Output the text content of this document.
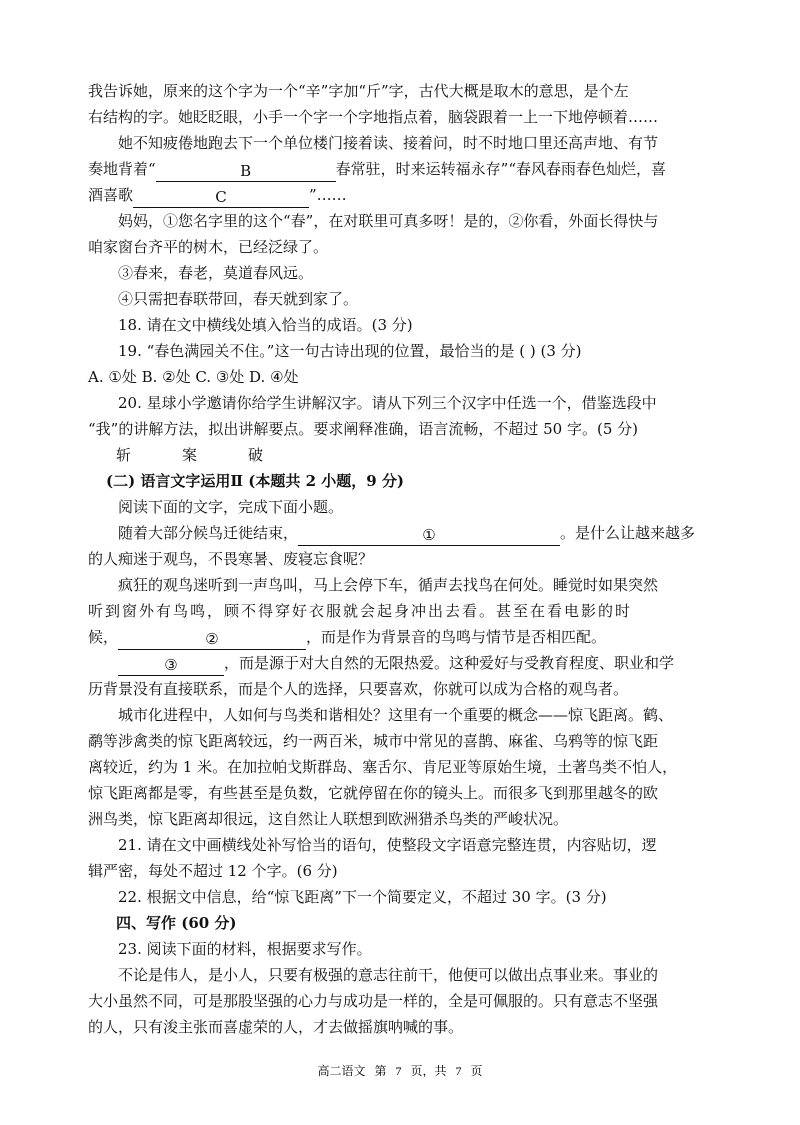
我告诉她，原来的这个字为一个“辛”字加“斤”字，古代大概是取木的意思，是个左
右结构的字。她眨眨眼，小手一个字一个字地指点着，脑袋跟着一上一下地停顿着……
她不知疲倦地跑去下一个单位楼门接着读、接着问，时不时地口里还高声地、有节
奏地背着“	B	春常驻，时来运转福永存”“春风春雨春色灿烂，喜
酒喜歌	C	”……
妈妈，①您名字里的这个“春”，在对联里可真多呀！是的，②你看，外面长得快与
咱家窗台齐平的树木，已经泛绿了。
③春来，春老，莫道春风远。
④只需把春联带回，春天就到家了。
18. 请在文中横线处填入恰当的成语。(3 分)
19. “春色满园关不住。”这一句古诗出现的位置，最恰当的是 ( ) (3 分)
A. ①处 B. ②处 C. ③处 D. ④处
20. 星球小学邀请你给学生讲解汉字。请从下列三个汉字中任选一个，借鉴选段中
“我”的讲解方法，拟出讲解要点。要求阐释准确，语言流畅，不超过 50 字。(5 分)
斩	案	破
(二) 语言文字运用Ⅱ (本题共 2 小题，9 分)
阅读下面的文字，完成下面小题。
随着大部分候鸟迁徙结束，	①	。是什么让越来越多
的人痴迷于观鸟，不畏寒暑、废寝忘食呢？
疯狂的观鸟迷听到一声鸟叫，马上会停下车，循声去找鸟在何处。睡觉时如果突然
听到窗外有鸟鸣，顾不得穿好衣服就会起身冲出去看。甚至在看电影的时
候，	②	，而是作为背景音的鸟鸣与情节是否相匹配。
③	，而是源于对大自然的无限热爱。这种爱好与受教育程度、职业和学
历背景没有直接联系，而是个人的选择，只要喜欢，你就可以成为合格的观鸟者。
城市化进程中，人如何与鸟类和谐相处？这里有一个重要的概念——惊飞距离。鹤、
鹬等涉禽类的惊飞距离较远，约一两百米，城市中常见的喜鹊、麻雀、乌鸦等的惊飞距
离较近，约为 1 米。在加拉帕戈斯群岛、塞舌尔、肯尼亚等原始生境，土著鸟类不怕人，
惊飞距离都是零，有些甚至是负数，它就停留在你的镜头上。而很多飞到那里越冬的欧
洲鸟类，惊飞距离却很远，这自然让人联想到欧洲猎杀鸟类的严峻状况。
21. 请在文中画横线处补写恰当的语句，使整段文字语意完整连贯，内容贴切，逻
辑严密，每处不超过 12 个字。(6 分)
22. 根据文中信息，给“惊飞距离”下一个简要定义，不超过 30 字。(3 分)
四、写作 (60 分)
23. 阅读下面的材料，根据要求写作。
不论是伟人，是小人，只要有极强的意志往前干，他便可以做出点事业来。事业的
大小虽然不同，可是那股坚强的心力与成功是一样的，全是可佩服的。只有意志不坚强
的人，只有浚主张而喜虚荣的人，才去做摇旗呐喊的事。
高二语文 第 7 页，共 7 页
